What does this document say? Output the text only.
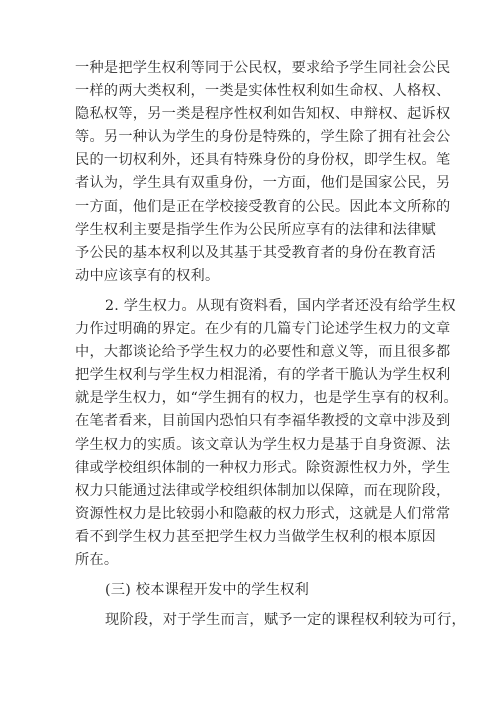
一种是把学生权利等同于公民权，要求给予学生同社会公民
一样的两大类权利，一类是实体性权利如生命权、人格权、
隐私权等，另一类是程序性权利如告知权、申辩权、起诉权
等。另一种认为学生的身份是特殊的，学生除了拥有社会公
民的一切权利外，还具有特殊身份的身份权，即学生权。笔
者认为，学生具有双重身份，一方面，他们是国家公民，另
一方面，他们是正在学校接受教育的公民。因此本文所称的
学生权利主要是指学生作为公民所应享有的法律和法律赋
予公民的基本权利以及其基于其受教育者的身份在教育活
动中应该享有的权利。
2. 学生权力。从现有资料看，国内学者还没有给学生权
力作过明确的界定。在少有的几篇专门论述学生权力的文章
中，大都谈论给予学生权力的必要性和意义等，而且很多都
把学生权利与学生权力相混淆，有的学者干脆认为学生权利
就是学生权力，如“学生拥有的权力，也是学生享有的权利。
在笔者看来，目前国内恐怕只有李福华教授的文章中涉及到
学生权力的实质。该文章认为学生权力是基于自身资源、法
律或学校组织体制的一种权力形式。除资源性权力外，学生
权力只能通过法律或学校组织体制加以保障，而在现阶段，
资源性权力是比较弱小和隐蔽的权力形式，这就是人们常常
看不到学生权力甚至把学生权力当做学生权利的根本原因
所在。
(三) 校本课程开发中的学生权利
现阶段，对于学生而言，赋予一定的课程权利较为可行，
